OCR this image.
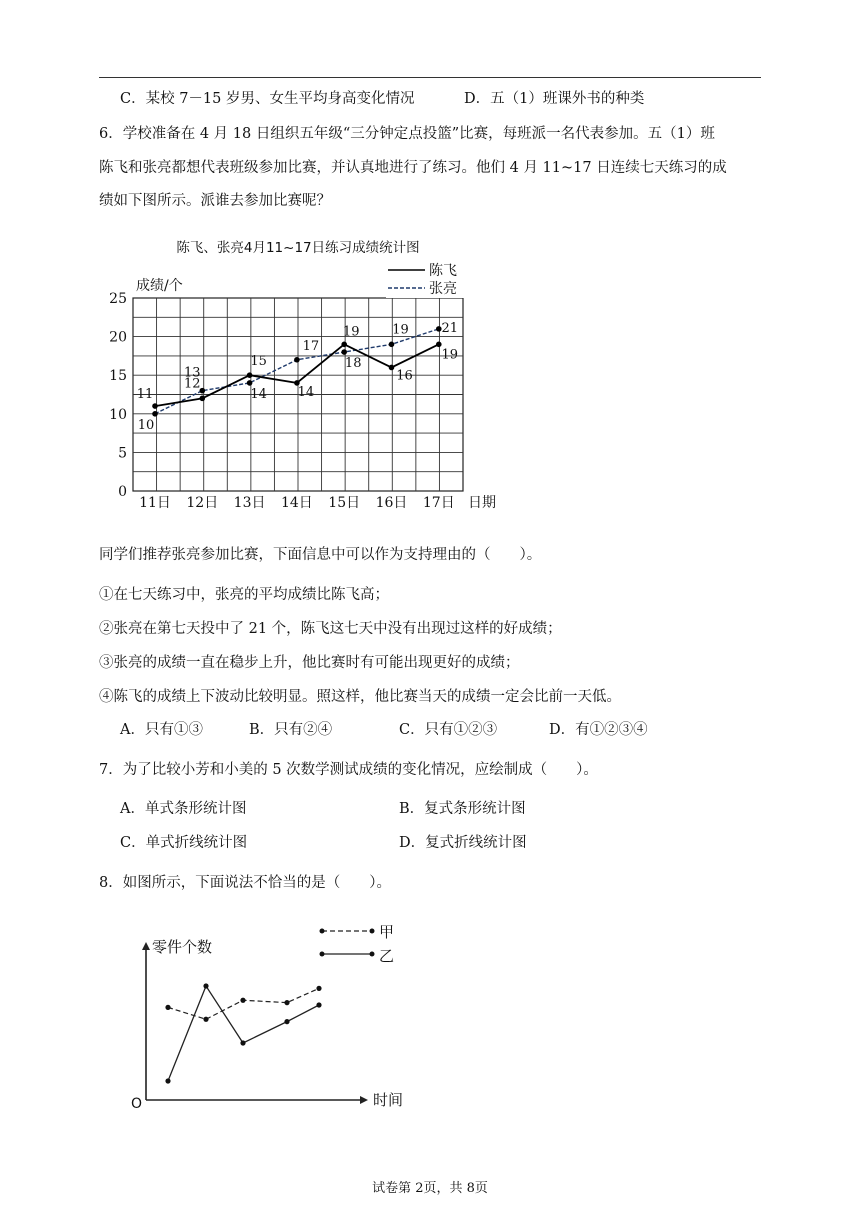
C．某校 7－15 岁男、女生平均身高变化情况	D．五（1）班课外书的种类
6．学校准备在 4 月 18 日组织五年级“三分钟定点投篮”比赛，每班派一名代表参加。五（1）班
陈飞和张亮都想代表班级参加比赛，并认真地进行了练习。他们 4 月 11~17 日连续七天练习的成
绩如下图所示。派谁去参加比赛呢？
陈飞、张亮4月11~17日练习成绩统计图
成绩/个
0
5
10
15
20
25
11日 12日 13日 14日 15日 16日 17日 日期
陈飞
张亮
11
12
15
14
19
16
19
10
13
14
17
18
19	21
同学们推荐张亮参加比赛，下面信息中可以作为支持理由的（　　）。
①在七天练习中，张亮的平均成绩比陈飞高；
②张亮在第七天投中了 21 个，陈飞这七天中没有出现过这样的好成绩；
③张亮的成绩一直在稳步上升，他比赛时有可能出现更好的成绩；
④陈飞的成绩上下波动比较明显。照这样，他比赛当天的成绩一定会比前一天低。
A．只有①③	B．只有②④	C．只有①②③	D．有①②③④
7．为了比较小芳和小美的 5 次数学测试成绩的变化情况，应绘制成（　　）。
A．单式条形统计图	B．复式条形统计图
C．单式折线统计图	D．复式折线统计图
8．如图所示，下面说法不恰当的是（　　）。
零件个数
时间
O
甲
乙
试卷第 2页，共 8页
